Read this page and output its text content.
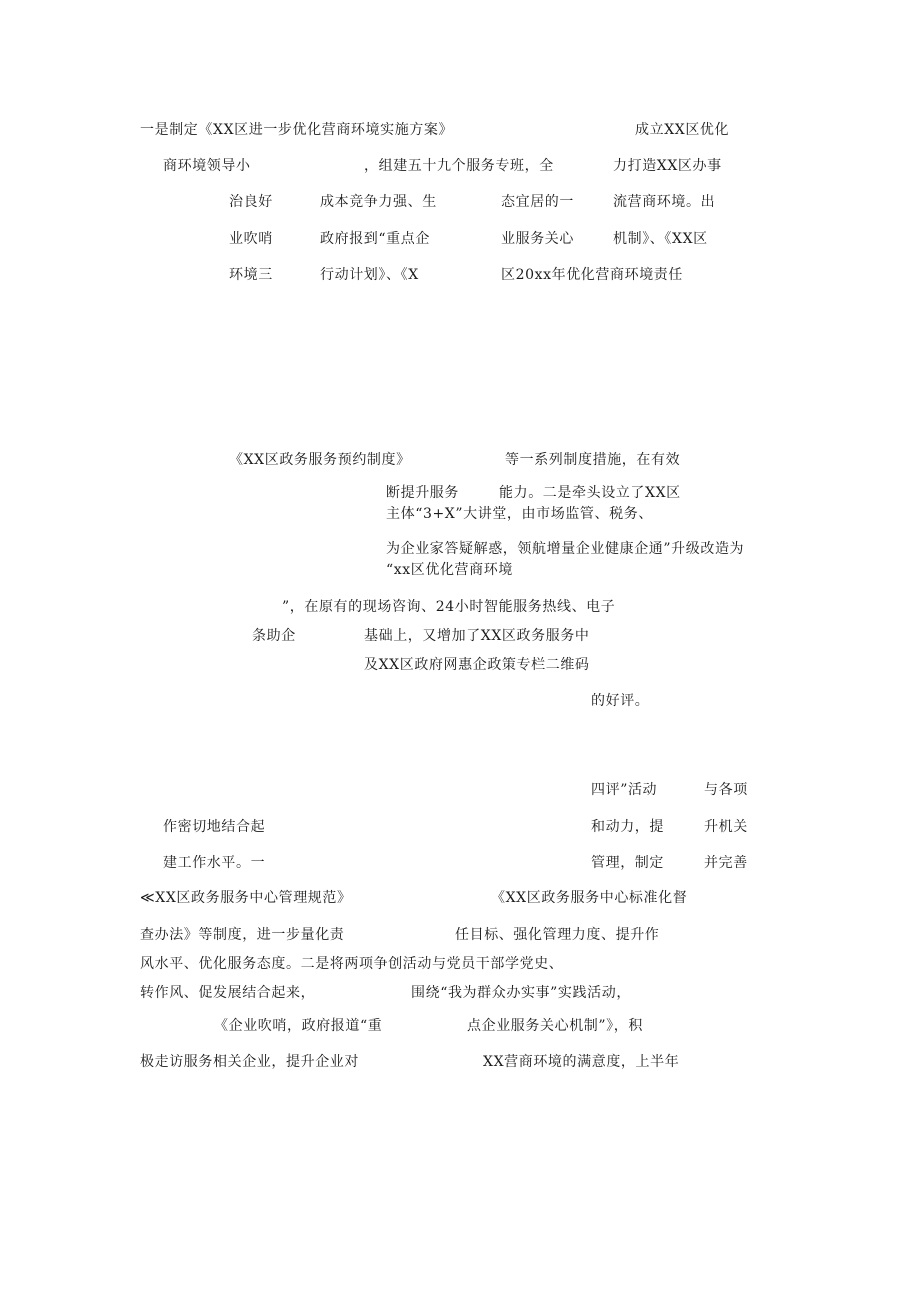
一是制定《XX区进一步优化营商环境实施方案》	成立XX区优化
商环境领导小	，组建五十九个服务专班，全	力打造XX区办事
治良好	成本竞争力强、生	态宜居的一	流营商环境。出
业吹哨	政府报到“重点企	业服务关心	机制》、《XX区
环境三	行动计划》、《X	区20xx年优化营商环境责任
《XX区政务服务预约制度》	等一系列制度措施，在有效
断提升服务	能力。二是牵头设立了XX区
主体“3+X”大讲堂，由市场监管、税务、
为企业家答疑解惑，领航增量企业健康企通”升级改造为
“xx区优化营商环境
”，在原有的现场咨询、24小时智能服务热线、电子
条助企	基础上，又增加了XX区政务服务中
及XX区政府网惠企政策专栏二维码
的好评。
四评”活动	与各项
作密切地结合起	和动力，提	升机关
建工作水平。一	管理，制定	并完善
≪XX区政务服务中心管理规范》	《XX区政务服务中心标准化督
查办法》等制度，进一步量化责	任目标、强化管理力度、提升作
风水平、优化服务态度。二是将两项争创活动与党员干部学党史、
转作风、促发展结合起来，	围绕“我为群众办实事”实践活动，
《企业吹哨，政府报道“重	点企业服务关心机制”》，积
极走访服务相关企业，提升企业对	XX营商环境的满意度，上半年
